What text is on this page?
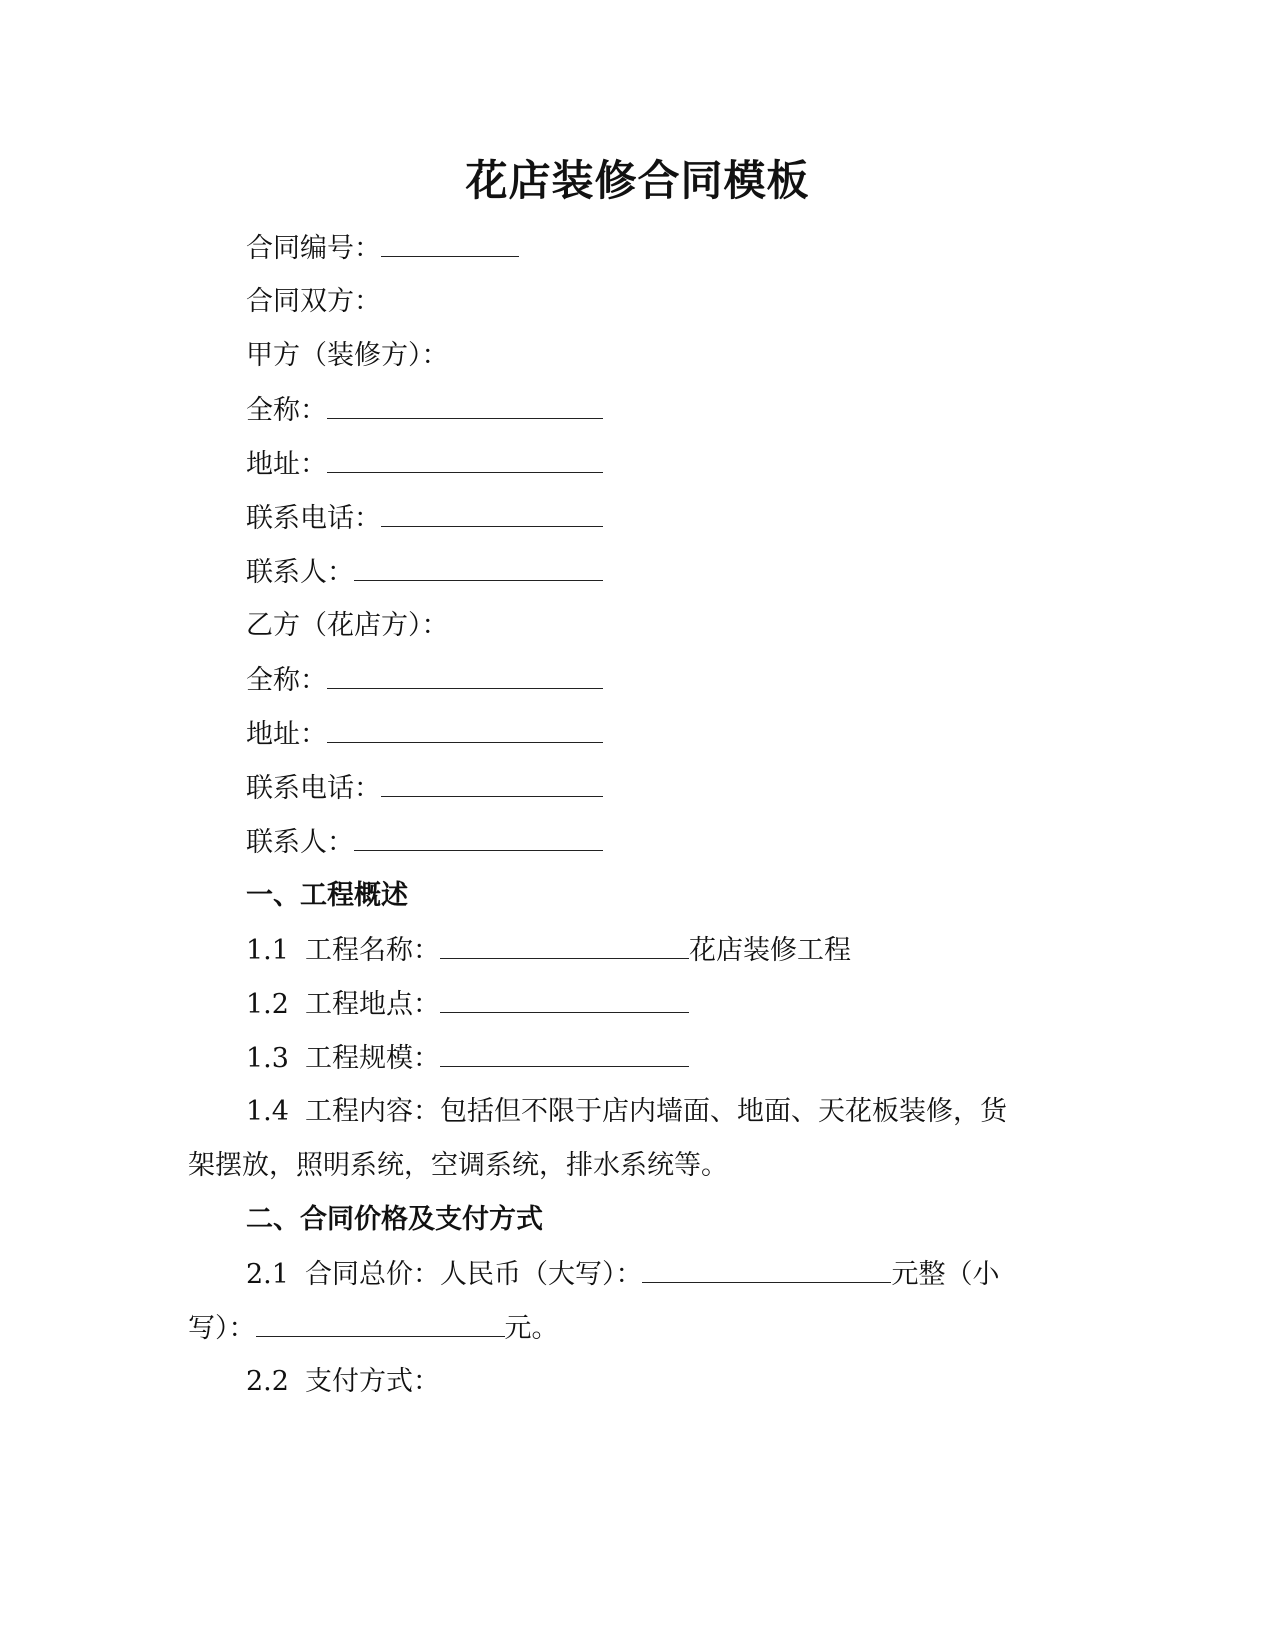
花店装修合同模板
合同编号：
合同双方：
甲方（装修方）：
全称：
地址：
联系电话：
联系人：
乙方（花店方）：
全称：
地址：
联系电话：
联系人：
一、工程概述
1.1 工程名称：	花店装修工程
1.2 工程地点：
1.3 工程规模：
1.4 工程内容：包括但不限于店内墙面、地面、天花板装修，货
架摆放，照明系统，空调系统，排水系统等。
二、合同价格及支付方式
2.1 合同总价：人民币（大写）：	元整（小
写）：	元。
2.2 支付方式：
